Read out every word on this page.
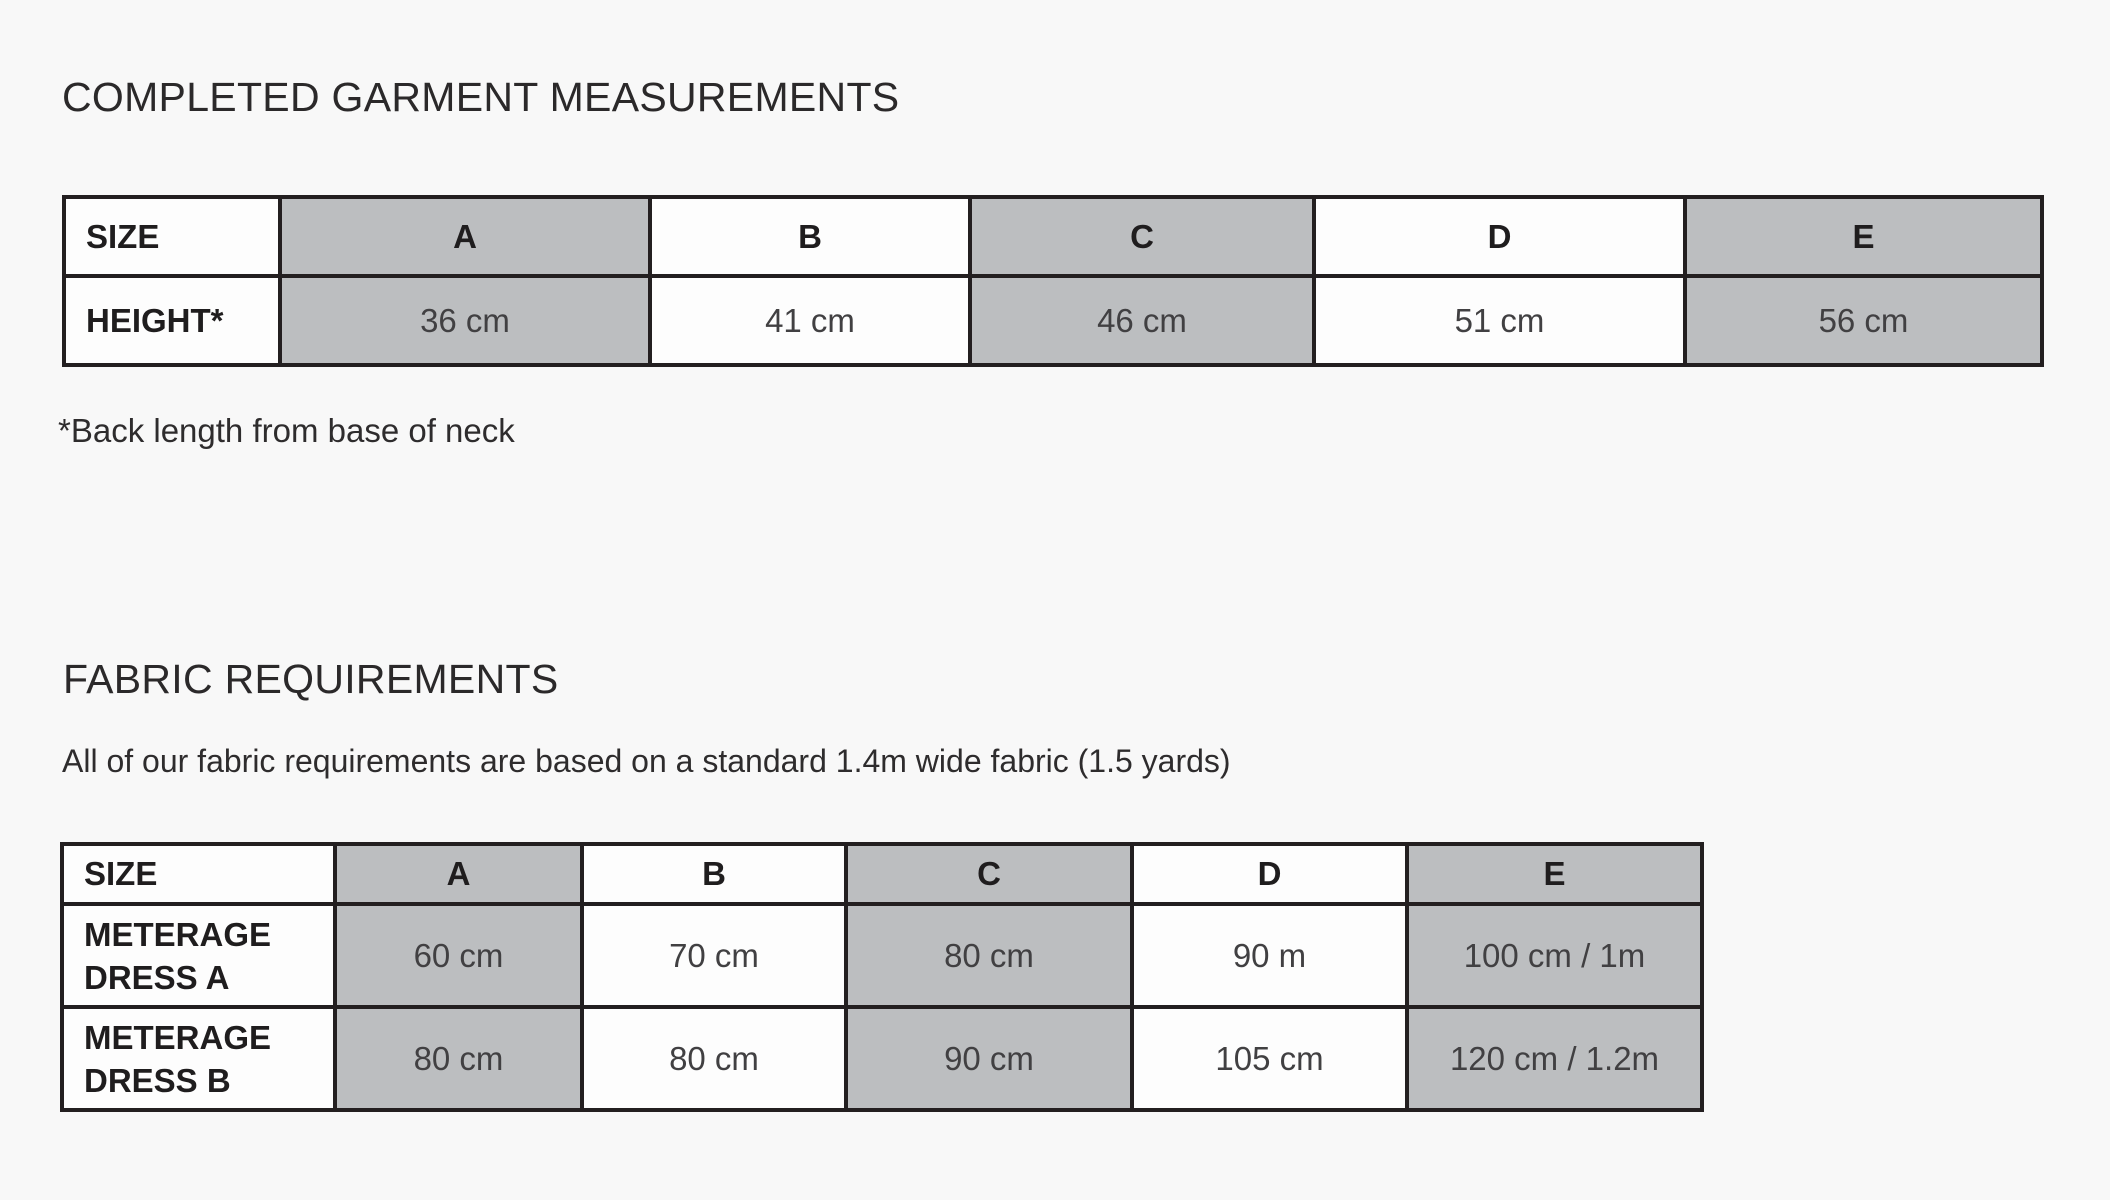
COMPLETED GARMENT MEASUREMENTS
SIZE	A	B	C	D	E
HEIGHT*	36 cm	41 cm	46 cm	51 cm	56 cm
*Back length from base of neck
FABRIC REQUIREMENTS
All of our fabric requirements are based on a standard 1.4m wide fabric (1.5 yards)
SIZE	A	B	C	D	E

METERAGE
DRESS A	60 cm	70 cm	80 cm	90 m	100 cm / 1m

METERAGE
DRESS B	80 cm	80 cm	90 cm	105 cm	120 cm / 1.2m
